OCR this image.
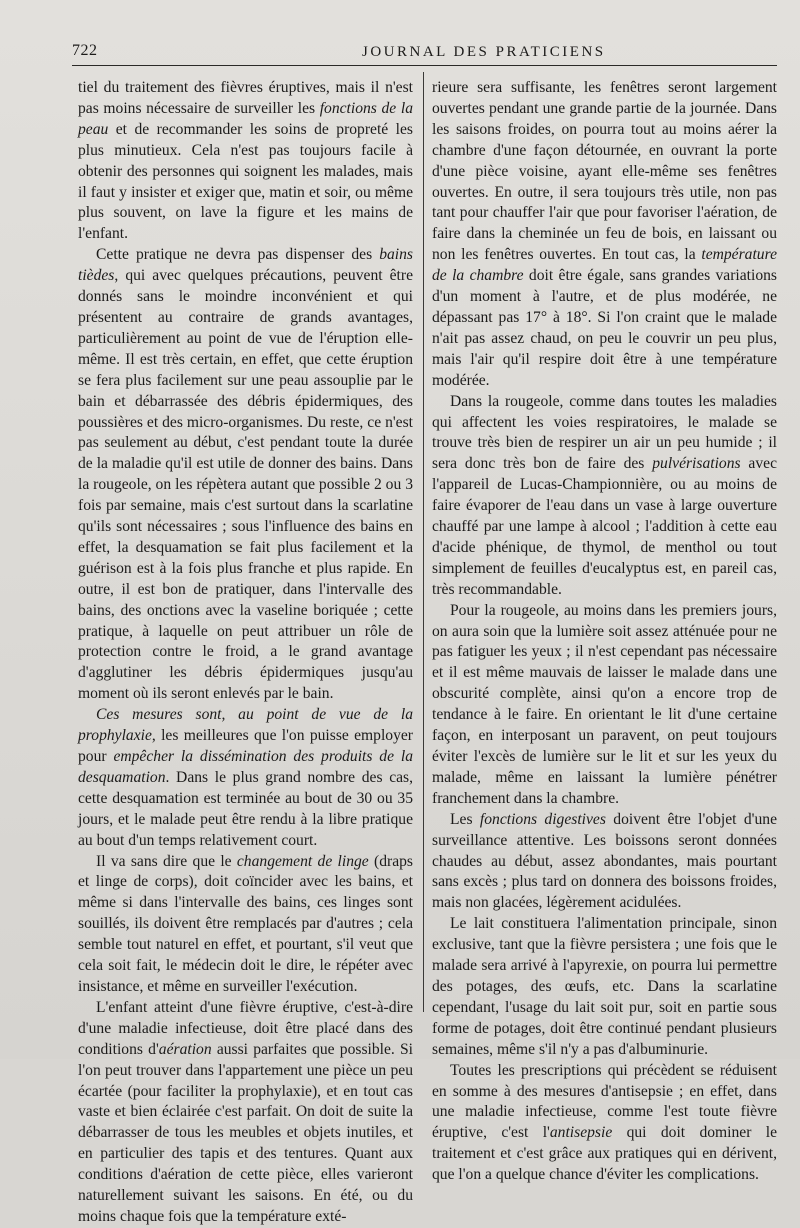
722	JOURNAL DES PRATICIENS

tiel du traitement des fièvres éruptives, mais il n'est pas moins nécessaire de surveiller les fonctions de la peau et de recommander les soins de propreté les plus minutieux. Cela n'est pas toujours facile à obtenir des personnes qui soignent les malades, mais il faut y insister et exiger que, matin et soir, ou même plus souvent, on lave la figure et les mains de l'enfant.

Cette pratique ne devra pas dispenser des bains tièdes, qui avec quelques précautions, peuvent être donnés sans le moindre inconvénient et qui présentent au contraire de grands avantages, particulièrement au point de vue de l'éruption elle-même. Il est très certain, en effet, que cette éruption se fera plus facilement sur une peau assouplie par le bain et débarrassée des débris épidermiques, des poussières et des micro-organismes. Du reste, ce n'est pas seulement au début, c'est pendant toute la durée de la maladie qu'il est utile de donner des bains. Dans la rougeole, on les répètera autant que possible 2 ou 3 fois par semaine, mais c'est surtout dans la scarlatine qu'ils sont nécessaires ; sous l'influence des bains en effet, la desquamation se fait plus facilement et la guérison est à la fois plus franche et plus rapide. En outre, il est bon de pratiquer, dans l'intervalle des bains, des onctions avec la vaseline boriquée ; cette pratique, à laquelle on peut attribuer un rôle de protection contre le froid, a le grand avantage d'agglutiner les débris épidermiques jusqu'au moment où ils seront enlevés par le bain.

Ces mesures sont, au point de vue de la prophylaxie, les meilleures que l'on puisse employer pour empêcher la dissémination des produits de la desquamation. Dans le plus grand nombre des cas, cette desquamation est terminée au bout de 30 ou 35 jours, et le malade peut être rendu à la libre pratique au bout d'un temps relativement court.

Il va sans dire que le changement de linge (draps et linge de corps), doit coïncider avec les bains, et même si dans l'intervalle des bains, ces linges sont souillés, ils doivent être remplacés par d'autres ; cela semble tout naturel en effet, et pourtant, s'il veut que cela soit fait, le médecin doit le dire, le répéter avec insistance, et même en surveiller l'exécution.

L'enfant atteint d'une fièvre éruptive, c'est-à-dire d'une maladie infectieuse, doit être placé dans des conditions d'aération aussi parfaites que possible. Si l'on peut trouver dans l'appartement une pièce un peu écartée (pour faciliter la prophylaxie), et en tout cas vaste et bien éclairée c'est parfait. On doit de suite la débarrasser de tous les meubles et objets inutiles, et en particulier des tapis et des tentures. Quant aux conditions d'aération de cette pièce, elles varieront naturellement suivant les saisons. En été, ou du moins chaque fois que la température exté-

rieure sera suffisante, les fenêtres seront largement ouvertes pendant une grande partie de la journée. Dans les saisons froides, on pourra tout au moins aérer la chambre d'une façon détournée, en ouvrant la porte d'une pièce voisine, ayant elle-même ses fenêtres ouvertes. En outre, il sera toujours très utile, non pas tant pour chauffer l'air que pour favoriser l'aération, de faire dans la cheminée un feu de bois, en laissant ou non les fenêtres ouvertes. En tout cas, la température de la chambre doit être égale, sans grandes variations d'un moment à l'autre, et de plus modérée, ne dépassant pas 17° à 18°. Si l'on craint que le malade n'ait pas assez chaud, on peu le couvrir un peu plus, mais l'air qu'il respire doit être à une température modérée.

Dans la rougeole, comme dans toutes les maladies qui affectent les voies respiratoires, le malade se trouve très bien de respirer un air un peu humide ; il sera donc très bon de faire des pulvérisations avec l'appareil de Lucas-Championnière, ou au moins de faire évaporer de l'eau dans un vase à large ouverture chauffé par une lampe à alcool ; l'addition à cette eau d'acide phénique, de thymol, de menthol ou tout simplement de feuilles d'eucalyptus est, en pareil cas, très recommandable.

Pour la rougeole, au moins dans les premiers jours, on aura soin que la lumière soit assez atténuée pour ne pas fatiguer les yeux ; il n'est cependant pas nécessaire et il est même mauvais de laisser le malade dans une obscurité complète, ainsi qu'on a encore trop de tendance à le faire. En orientant le lit d'une certaine façon, en interposant un paravent, on peut toujours éviter l'excès de lumière sur le lit et sur les yeux du malade, même en laissant la lumière pénétrer franchement dans la chambre.

Les fonctions digestives doivent être l'objet d'une surveillance attentive. Les boissons seront données chaudes au début, assez abondantes, mais pourtant sans excès ; plus tard on donnera des boissons froides, mais non glacées, légèrement acidulées.

Le lait constituera l'alimentation principale, sinon exclusive, tant que la fièvre persistera ; une fois que le malade sera arrivé à l'apyrexie, on pourra lui permettre des potages, des œufs, etc. Dans la scarlatine cependant, l'usage du lait soit pur, soit en partie sous forme de potages, doit être continué pendant plusieurs semaines, même s'il n'y a pas d'albuminurie.

Toutes les prescriptions qui précèdent se réduisent en somme à des mesures d'antisepsie ; en effet, dans une maladie infectieuse, comme l'est toute fièvre éruptive, c'est l'antisepsie qui doit dominer le traitement et c'est grâce aux pratiques qui en dérivent, que l'on a quelque chance d'éviter les complications.
